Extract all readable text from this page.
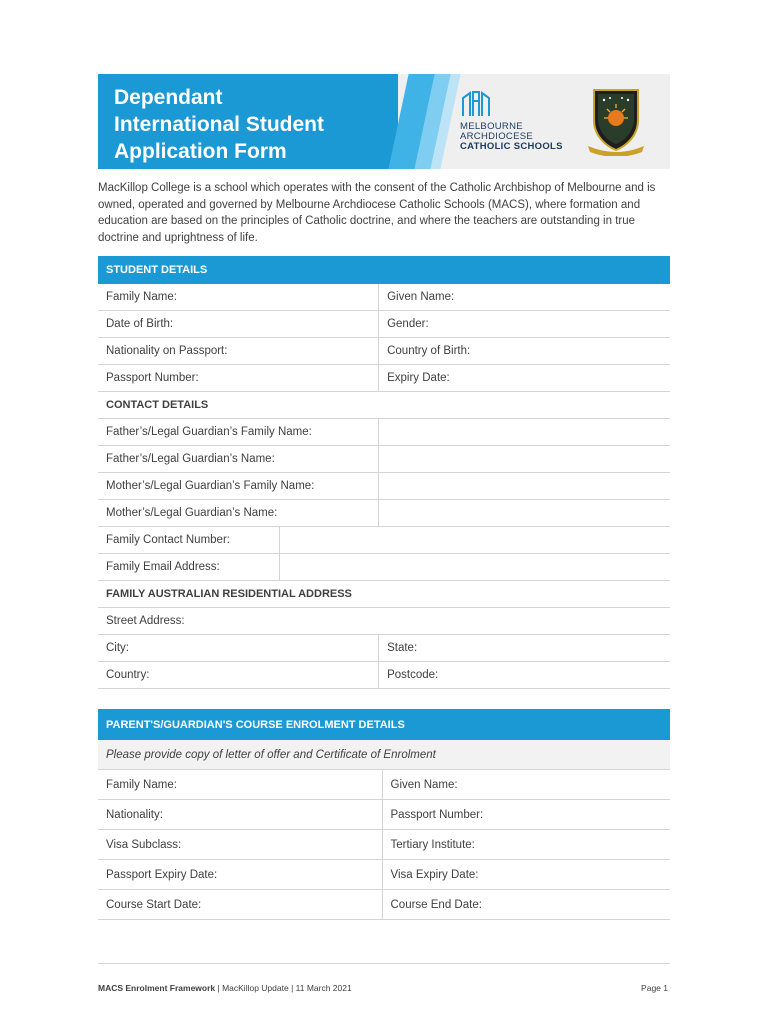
Dependant
International Student
Application Form
MELBOURNE
ARCHDIOCESE
CATHOLIC SCHOOLS
MacKillop College is a school which operates with the consent of the Catholic Archbishop of Melbourne and is owned, operated and governed by Melbourne Archdiocese Catholic Schools (MACS), where formation and education are based on the principles of Catholic doctrine, and where the teachers are outstanding in true doctrine and uprightness of life.
STUDENT DETAILS		
Family Name:		Given Name:
Date of Birth:		Gender:
Nationality on Passport:		Country of Birth:
Passport Number:		Expiry Date:
CONTACT DETAILS		
Father’s/Legal Guardian’s Family Name:		
Father’s/Legal Guardian’s Name:		
Mother’s/Legal Guardian’s Family Name:		
Mother’s/Legal Guardian’s Name:		
Family Contact Number:		
Family Email Address:		
FAMILY AUSTRALIAN RESIDENTIAL ADDRESS		
Street Address:		
City:		State:
Country:		Postcode:
PARENT'S/GUARDIAN'S COURSE ENROLMENT DETAILS	
Please provide copy of letter of offer and Certificate of Enrolment	
Family Name:	Given Name:
Nationality:	Passport Number:
Visa Subclass:	Tertiary Institute:
Passport Expiry Date:	Visa Expiry Date:
Course Start Date:	Course End Date:
MACS Enrolment Framework | MacKillop Update | 11 March 2021	Page 1
